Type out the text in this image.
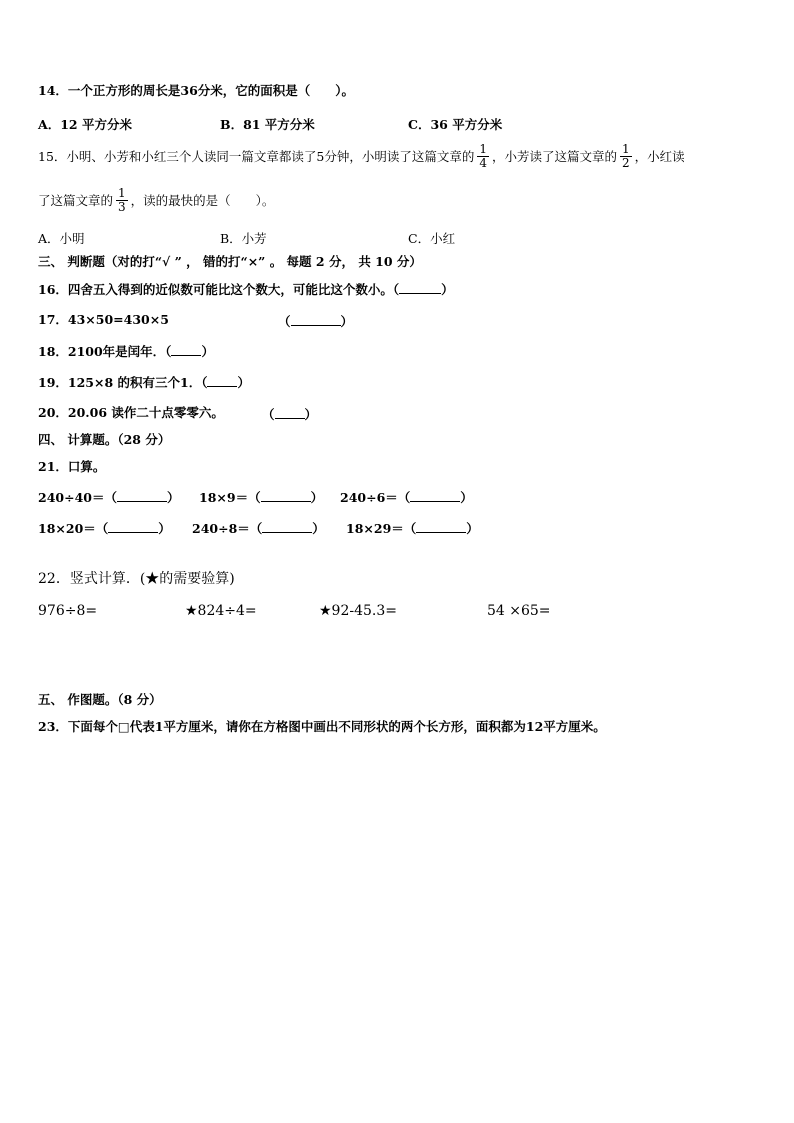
14．一个正方形的周长是36分米，它的面积是（　　）。
A．12 平方分米	B．81 平方分米	C．36 平方分米
15．小明、小芳和小红三个人读同一篇文章都读了5分钟，小明读了这篇文章的 $\frac{1}{4}$ ，小芳读了这篇文章的 $\frac{1}{2}$ ，小红读
了这篇文章的 $\frac{1}{3}$ ，读的最快的是（　　）。
A．小明	B．小芳	C．小红
三、 判断题（对的打“√ ” ， 错的打“×” 。 每题 2 分， 共 10 分）
16．四舍五入得到的近似数可能比这个数大，可能比这个数小。（	）
17．43×50=430×5	（	）
18．2100年是闰年．（ ）
19．125×8 的积有三个1．（ ）
20．20.06 读作二十点零零六。	（ ）
四、 计算题。（28 分）
21．口算。
240÷40＝（	） 18×9＝（	） 240÷6＝（	）
18×20＝（	） 240÷8＝（	） 18×29＝（	）
22．竖式计算．(★的需要验算)
976÷8=	★824÷4=	★92-45.3=	54 ×65=
五、 作图题。（8 分）
23．下面每个□代表1平方厘米，请你在方格图中画出不同形状的两个长方形，面积都为12平方厘米。
